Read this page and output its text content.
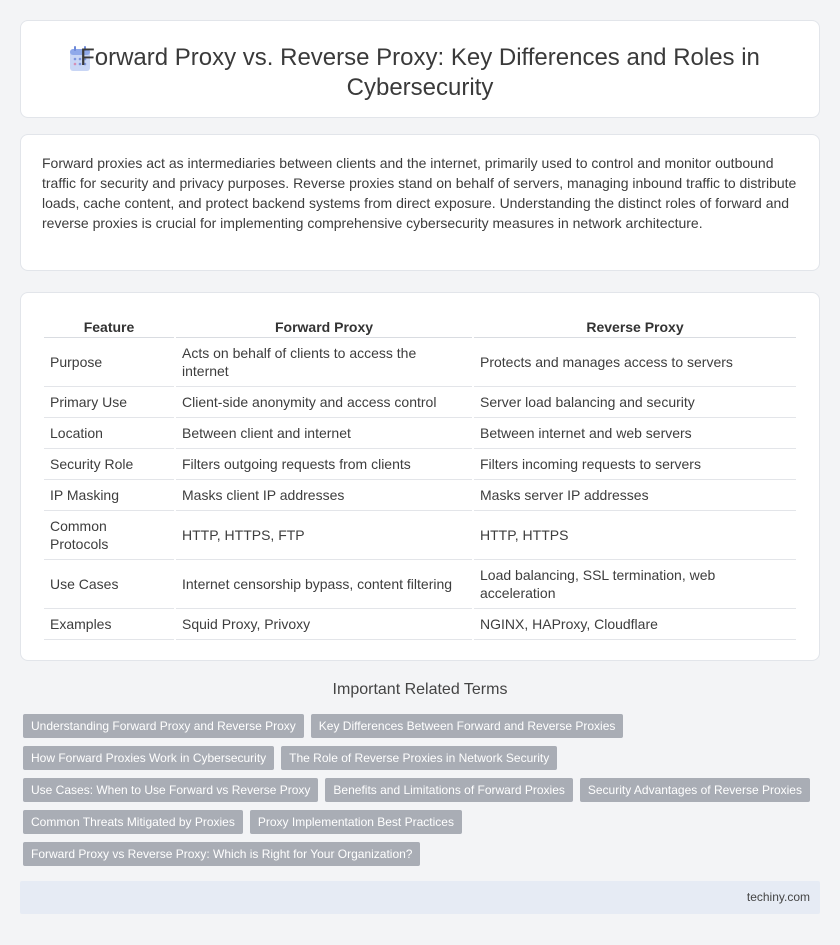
Forward Proxy vs. Reverse Proxy: Key Differences and Roles in Cybersecurity

Forward proxies act as intermediaries between clients and the internet, primarily used to control and monitor outbound traffic for security and privacy purposes. Reverse proxies stand on behalf of servers, managing inbound traffic to distribute loads, cache content, and protect backend systems from direct exposure. Understanding the distinct roles of forward and reverse proxies is crucial for implementing comprehensive cybersecurity measures in network architecture.

Feature	Forward Proxy	Reverse Proxy
Purpose	Acts on behalf of clients to access the internet	Protects and manages access to servers
Primary Use	Client-side anonymity and access control	Server load balancing and security
Location	Between client and internet	Between internet and web servers
Security Role	Filters outgoing requests from clients	Filters incoming requests to servers
IP Masking	Masks client IP addresses	Masks server IP addresses
Common Protocols	HTTP, HTTPS, FTP	HTTP, HTTPS
Use Cases	Internet censorship bypass, content filtering	Load balancing, SSL termination, web acceleration
Examples	Squid Proxy, Privoxy	NGINX, HAProxy, Cloudflare
Important Related Terms
Understanding Forward Proxy and Reverse Proxy	Key Differences Between Forward and Reverse Proxies
How Forward Proxies Work in Cybersecurity	The Role of Reverse Proxies in Network Security
Use Cases: When to Use Forward vs Reverse Proxy	Benefits and Limitations of Forward Proxies	Security Advantages of Reverse Proxies
Common Threats Mitigated by Proxies	Proxy Implementation Best Practices
Forward Proxy vs Reverse Proxy: Which is Right for Your Organization?
techiny.com
